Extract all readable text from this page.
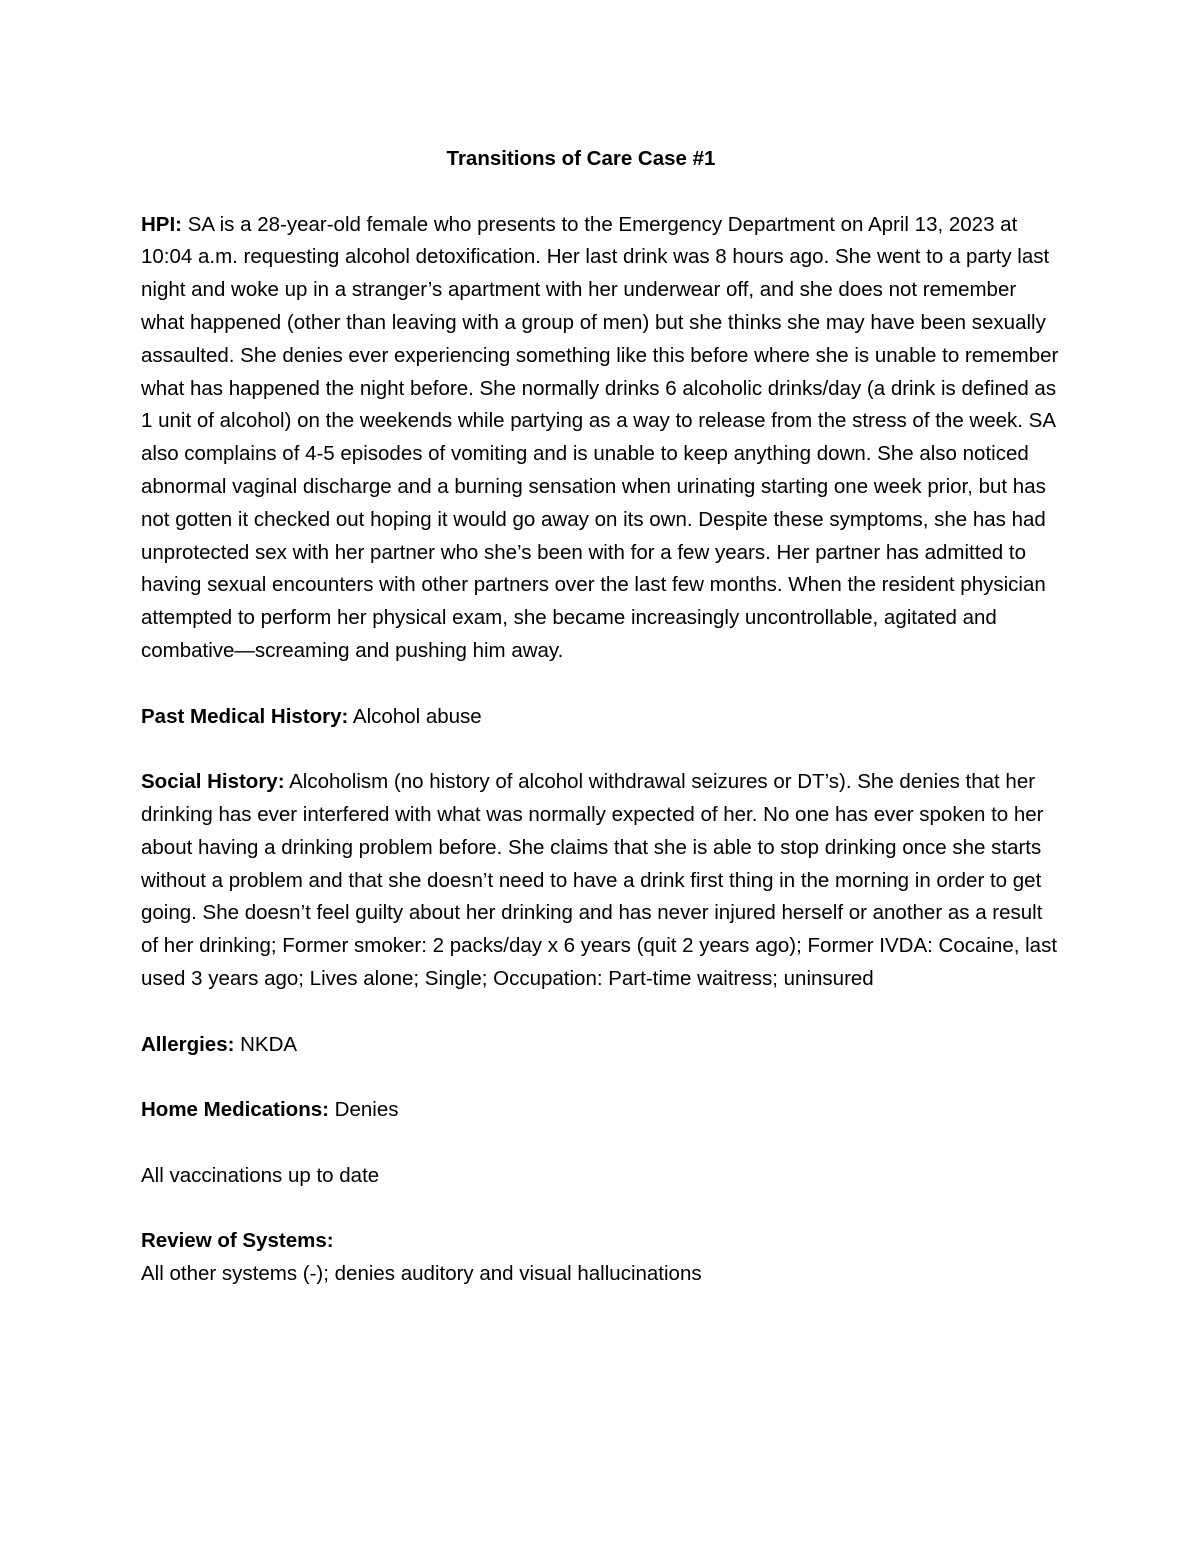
Transitions of Care Case #1
HPI: SA is a 28-year-old female who presents to the Emergency Department on April 13, 2023 at 10:04 a.m. requesting alcohol detoxification. Her last drink was 8 hours ago. She went to a party last night and woke up in a stranger’s apartment with her underwear off, and she does not remember what happened (other than leaving with a group of men) but she thinks she may have been sexually assaulted. She denies ever experiencing something like this before where she is unable to remember what has happened the night before. She normally drinks 6 alcoholic drinks/day (a drink is defined as 1 unit of alcohol) on the weekends while partying as a way to release from the stress of the week. SA also complains of 4-5 episodes of vomiting and is unable to keep anything down. She also noticed abnormal vaginal discharge and a burning sensation when urinating starting one week prior, but has not gotten it checked out hoping it would go away on its own. Despite these symptoms, she has had unprotected sex with her partner who she’s been with for a few years. Her partner has admitted to having sexual encounters with other partners over the last few months. When the resident physician attempted to perform her physical exam, she became increasingly uncontrollable, agitated and combative—screaming and pushing him away.
Past Medical History: Alcohol abuse
Social History: Alcoholism (no history of alcohol withdrawal seizures or DT’s). She denies that her drinking has ever interfered with what was normally expected of her. No one has ever spoken to her about having a drinking problem before. She claims that she is able to stop drinking once she starts without a problem and that she doesn’t need to have a drink first thing in the morning in order to get going. She doesn’t feel guilty about her drinking and has never injured herself or another as a result of her drinking; Former smoker: 2 packs/day x 6 years (quit 2 years ago); Former IVDA: Cocaine, last used 3 years ago; Lives alone; Single; Occupation: Part-time waitress; uninsured
Allergies: NKDA
Home Medications: Denies
All vaccinations up to date
Review of Systems:
All other systems (-); denies auditory and visual hallucinations
